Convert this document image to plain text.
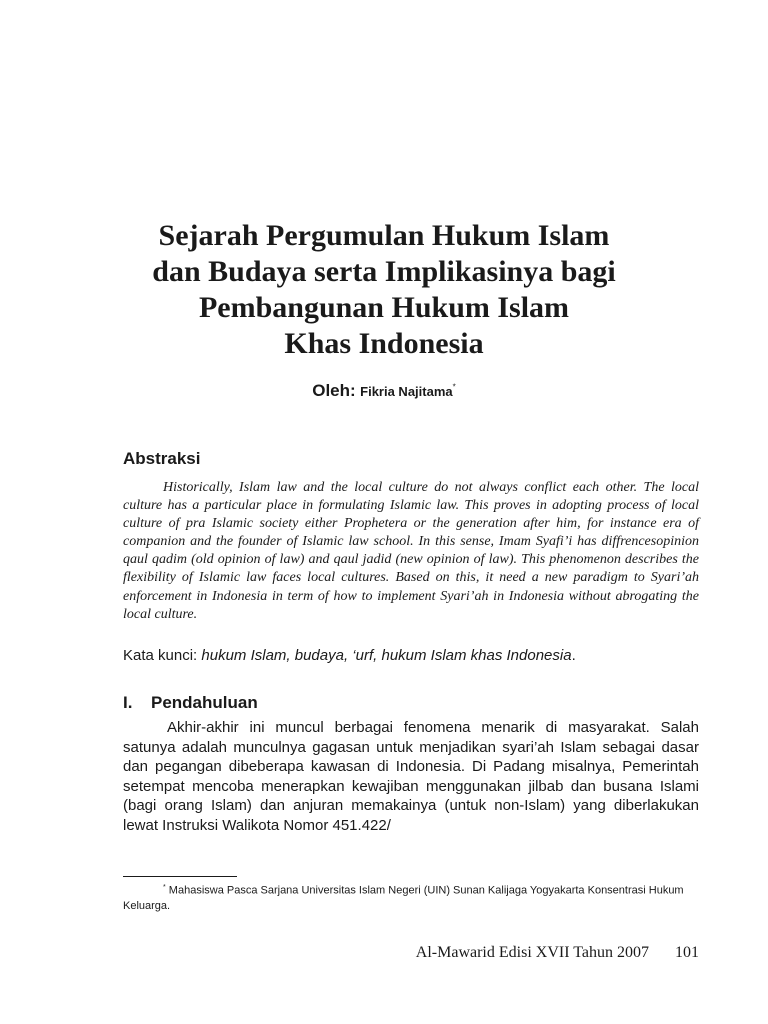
Sejarah Pergumulan Hukum Islam
dan Budaya serta Implikasinya bagi
Pembangunan Hukum Islam
Khas Indonesia
Oleh: Fikria Najitama*
Abstraksi

Historically, Islam law and the local culture do not always conflict each other. The local culture has a particular place in formulating Islamic law. This proves in adopting process of local culture of pra Islamic society either Prophetera or the generation after him, for instance era of companion and the founder of Islamic law school. In this sense, Imam Syafi’i has diffrencesopinion qaul qadim (old opinion of law) and qaul jadid (new opinion of law). This phenomenon describes the flexibility of Islamic law faces local cultures. Based on this, it need a new paradigm to Syari’ah enforcement in Indonesia in term of how to implement Syari’ah in Indonesia without abrogating the local culture.

Kata kunci: hukum Islam, budaya, ‘urf, hukum Islam khas Indonesia.
I. Pendahuluan

Akhir-akhir ini muncul berbagai fenomena menarik di masyarakat. Salah satunya adalah munculnya gagasan untuk menjadikan syari’ah Islam sebagai dasar dan pegangan dibeberapa kawasan di Indonesia. Di Padang misalnya, Pemerintah setempat mencoba menerapkan kewajiban menggunakan jilbab dan busana Islami (bagi orang Islam) dan anjuran memakainya (untuk non-Islam) yang diberlakukan lewat Instruksi Walikota Nomor 451.422/

* Mahasiswa Pasca Sarjana Universitas Islam Negeri (UIN) Sunan Kalijaga Yogyakarta Konsentrasi Hukum Keluarga.

Al-Mawarid Edisi XVII Tahun 2007 101
